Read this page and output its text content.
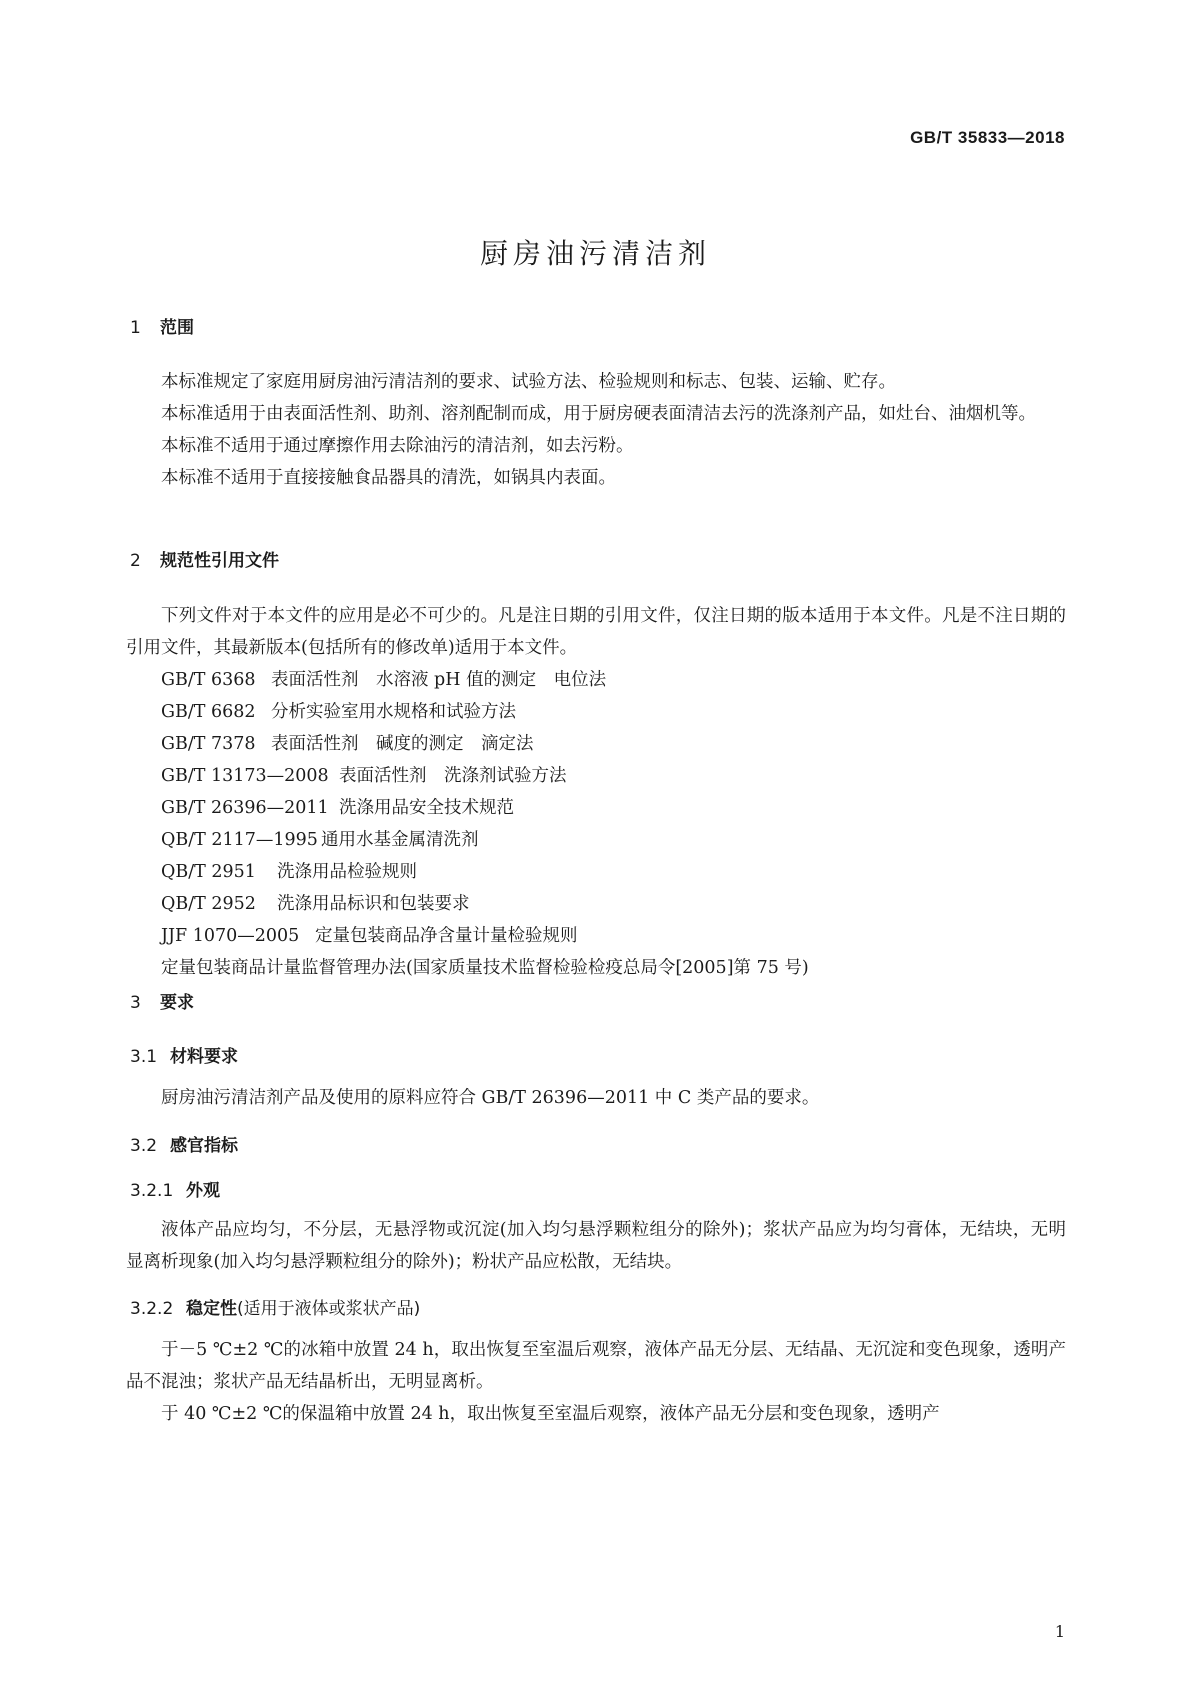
GB/T 35833—2018
厨房油污清洁剂
1 范围

本标准规定了家庭用厨房油污清洁剂的要求、试验方法、检验规则和标志、包装、运输、贮存。

本标准适用于由表面活性剂、助剂、溶剂配制而成，用于厨房硬表面清洁去污的洗涤剂产品，如灶台、油烟机等。

本标准不适用于通过摩擦作用去除油污的清洁剂，如去污粉。

本标准不适用于直接接触食品器具的清洗，如锅具内表面。

2 规范性引用文件

下列文件对于本文件的应用是必不可少的。凡是注日期的引用文件，仅注日期的版本适用于本文件。凡是不注日期的引用文件，其最新版本(包括所有的修改单)适用于本文件。

GB/T 6368 表面活性剂　水溶液 pH 值的测定　电位法
GB/T 6682 分析实验室用水规格和试验方法
GB/T 7378 表面活性剂　碱度的测定　滴定法
GB/T 13173—2008 表面活性剂　洗涤剂试验方法
GB/T 26396—2011 洗涤用品安全技术规范
QB/T 2117—1995 通用水基金属清洗剂
QB/T 2951 洗涤用品检验规则
QB/T 2952 洗涤用品标识和包装要求
JJF 1070—2005 定量包装商品净含量计量检验规则
定量包装商品计量监督管理办法(国家质量技术监督检验检疫总局令[2005]第 75 号)
3 要求
3.1 材料要求

厨房油污清洁剂产品及使用的原料应符合 GB/T 26396—2011 中 C 类产品的要求。

3.2 感官指标
3.2.1 外观

液体产品应均匀，不分层，无悬浮物或沉淀(加入均匀悬浮颗粒组分的除外)；浆状产品应为均匀膏体，无结块，无明显离析现象(加入均匀悬浮颗粒组分的除外)；粉状产品应松散，无结块。

3.2.2 稳定性(适用于液体或浆状产品)

于－5 ℃±2 ℃的冰箱中放置 24 h，取出恢复至室温后观察，液体产品无分层、无结晶、无沉淀和变色现象，透明产品不混浊；浆状产品无结晶析出，无明显离析。

于 40 ℃±2 ℃的保温箱中放置 24 h，取出恢复至室温后观察，液体产品无分层和变色现象，透明产

1
